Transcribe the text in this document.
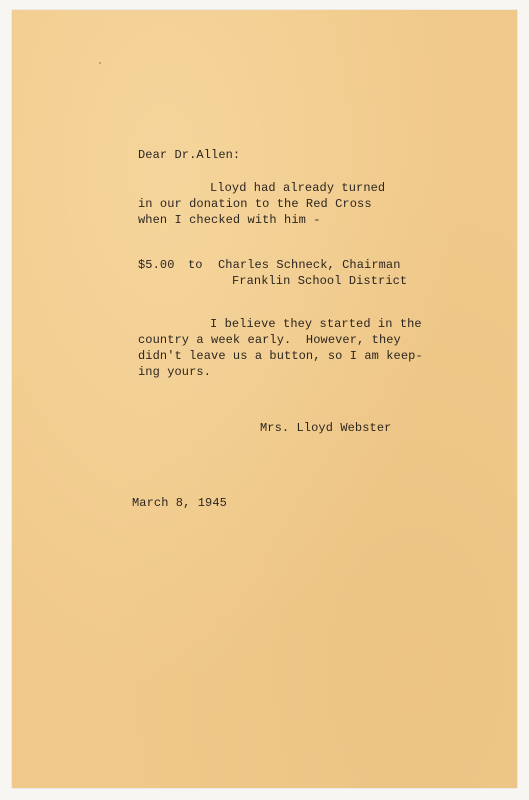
Dear Dr.Allen:
Lloyd had already turned
in our donation to the Red Cross
when I checked with him -
$5.00 to Charles Schneck, Chairman
Franklin School District
I believe they started in the
country a week early.  However, they
didn't leave us a button, so I am keep-
ing yours.
Mrs. Lloyd Webster
March 8, 1945
